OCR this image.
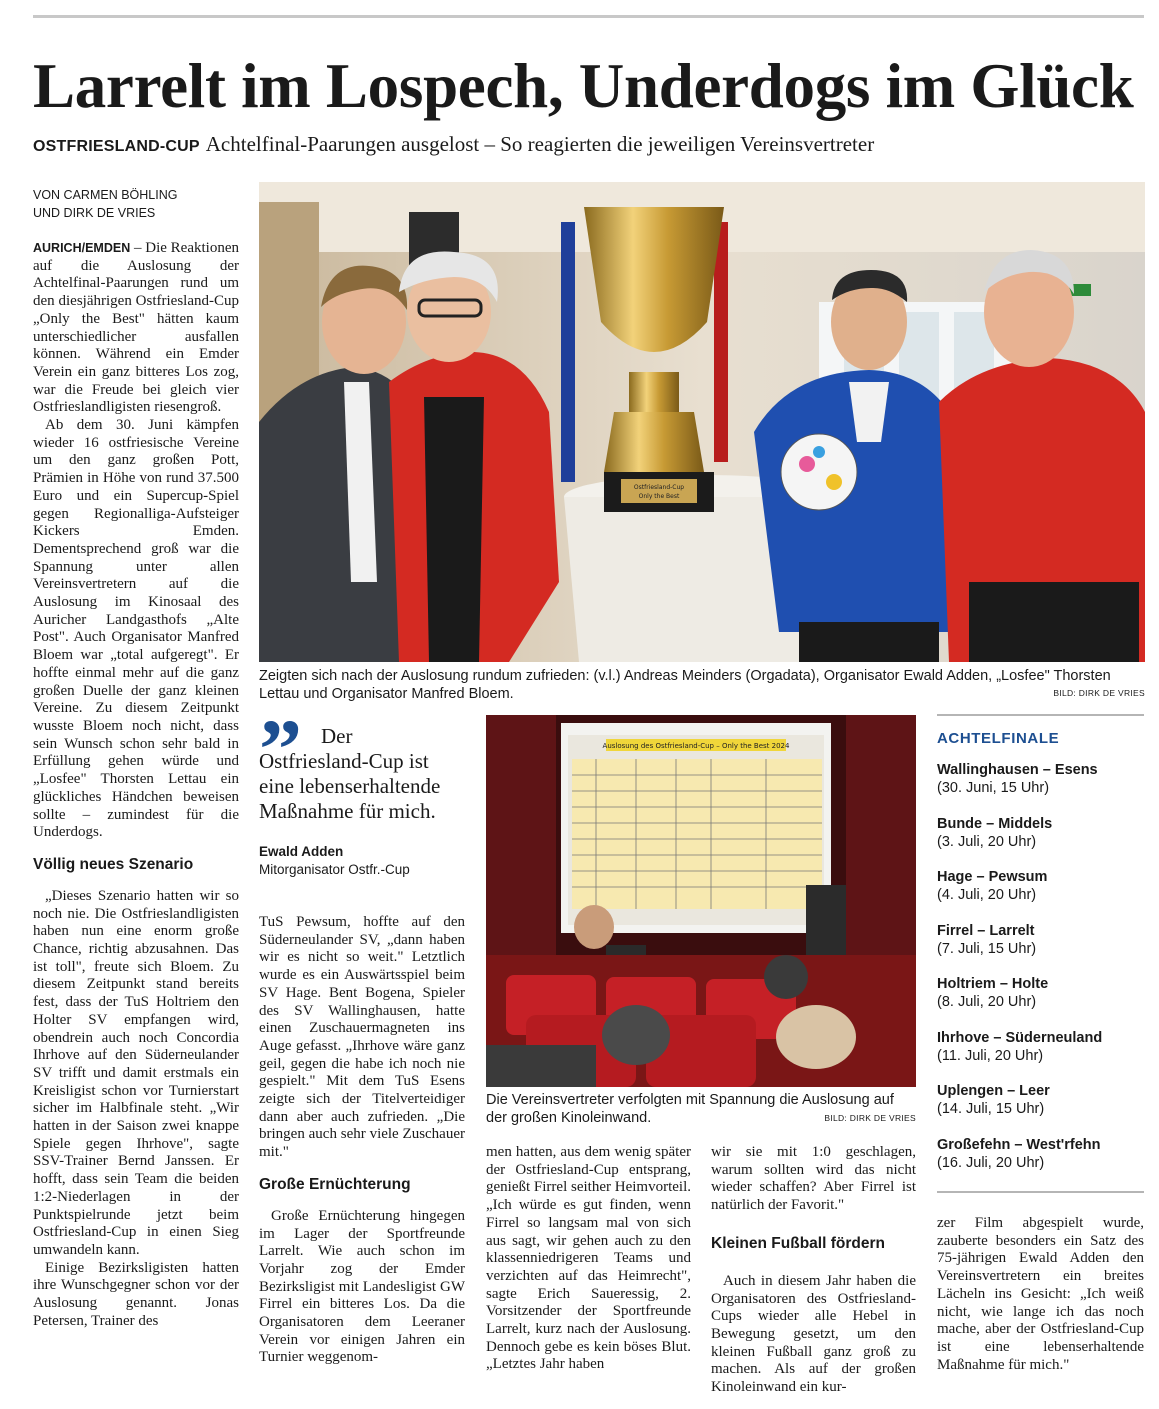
Larrelt im Lospech, Underdogs im Glück
OSTFRIESLAND-CUP Achtelfinal-Paarungen ausgelost – So reagierten die jeweiligen Vereinsvertreter
VON CARMEN BÖHLING
UND DIRK DE VRIES

AURICH/EMDEN – Die Reaktionen auf die Auslosung der Achtelfinal-Paarungen rund um den diesjährigen Ostfriesland-Cup „Only the Best" hätten kaum unterschiedlicher ausfallen können. Während ein Emder Verein ein ganz bitteres Los zog, war die Freude bei gleich vier Ostfrieslandligisten riesengroß.

Ab dem 30. Juni kämpfen wieder 16 ostfriesische Vereine um den ganz großen Pott, Prämien in Höhe von rund 37.500 Euro und ein Supercup-Spiel gegen Regionalliga-Aufsteiger Kickers Emden. Dementsprechend groß war die Spannung unter allen Vereinsvertretern auf die Auslosung im Kinosaal des Auricher Landgasthofs „Alte Post". Auch Organisator Manfred Bloem war „total aufgeregt". Er hoffte einmal mehr auf die ganz großen Duelle der ganz kleinen Vereine. Zu diesem Zeitpunkt wusste Bloem noch nicht, dass sein Wunsch schon sehr bald in Erfüllung gehen würde und „Losfee" Thorsten Lettau ein glückliches Händchen beweisen sollte – zumindest für die Underdogs.

Völlig neues Szenario

„Dieses Szenario hatten wir so noch nie. Die Ostfrieslandligisten haben nun eine enorm große Chance, richtig abzusahnen. Das ist toll", freute sich Bloem. Zu diesem Zeitpunkt stand bereits fest, dass der TuS Holtriem den Holter SV empfangen wird, obendrein auch noch Concordia Ihrhove auf den Süderneulander SV trifft und damit erstmals ein Kreisligist schon vor Turnierstart sicher im Halbfinale steht. „Wir hatten in der Saison zwei knappe Spiele gegen Ihrhove", sagte SSV-Trainer Bernd Janssen. Er hofft, dass sein Team die beiden 1:2-Niederlagen in der Punktspielrunde jetzt beim Ostfriesland-Cup in einen Sieg umwandeln kann.

Einige Bezirksligisten hatten ihre Wunschgegner schon vor der Auslosung genannt. Jonas Petersen, Trainer des

Ostfriesland-Cup
Only the Best
Zeigten sich nach der Auslosung rundum zufrieden: (v.l.) Andreas Meinders (Orgadata), Organisator Ewald Adden, „Losfee" Thorsten Lettau und Organisator Manfred Bloem.	BILD: DIRK DE VRIES
” Der Ostfriesland-Cup ist eine lebenserhaltende Maßnahme für mich.
Ewald Adden
Mitorganisator Ostfr.-Cup

TuS Pewsum, hoffte auf den Süderneulander SV, „dann haben wir es nicht so weit." Letztlich wurde es ein Auswärtsspiel beim SV Hage. Bent Bogena, Spieler des SV Wallinghausen, hatte einen Zuschauermagneten ins Auge gefasst. „Ihrhove wäre ganz geil, gegen die habe ich noch nie gespielt." Mit dem TuS Esens zeigte sich der Titelverteidiger dann aber auch zufrieden. „Die bringen auch sehr viele Zuschauer mit."

Große Ernüchterung

Große Ernüchterung hingegen im Lager der Sportfreunde Larrelt. Wie auch schon im Vorjahr zog der Emder Bezirksligist mit Landesligist GW Firrel ein bitteres Los. Da die Organisatoren dem Leeraner Verein vor einigen Jahren ein Turnier weggenom-

Auslosung des Ostfriesland-Cup – Only the Best 2024
Die Vereinsvertreter verfolgten mit Spannung die Auslosung auf der großen Kinoleinwand.	BILD: DIRK DE VRIES

men hatten, aus dem wenig später der Ostfriesland-Cup entsprang, genießt Firrel seither Heimvorteil. „Ich würde es gut finden, wenn Firrel so langsam mal von sich aus sagt, wir gehen auch zu den klassenniedrigeren Teams und verzichten auf das Heimrecht", sagte Erich Saueressig, 2. Vorsitzender der Sportfreunde Larrelt, kurz nach der Auslosung. Dennoch gebe es kein böses Blut. „Letztes Jahr haben

wir sie mit 1:0 geschlagen, warum sollten wird das nicht wieder schaffen? Aber Firrel ist natürlich der Favorit."

Kleinen Fußball fördern

Auch in diesem Jahr haben die Organisatoren des Ostfriesland-Cups wieder alle Hebel in Bewegung gesetzt, um den kleinen Fußball ganz groß zu machen. Als auf der großen Kinoleinwand ein kur-

ACHTELFINALE
Wallinghausen – Esens
(30. Juni, 15 Uhr)
Bunde – Middels
(3. Juli, 20 Uhr)
Hage – Pewsum
(4. Juli, 20 Uhr)
Firrel – Larrelt
(7. Juli, 15 Uhr)
Holtriem – Holte
(8. Juli, 20 Uhr)
Ihrhove – Süderneuland
(11. Juli, 20 Uhr)
Uplengen – Leer
(14. Juli, 15 Uhr)
Großefehn – West'rfehn
(16. Juli, 20 Uhr)

zer Film abgespielt wurde, zauberte besonders ein Satz des 75-jährigen Ewald Adden den Vereinsvertretern ein breites Lächeln ins Gesicht: „Ich weiß nicht, wie lange ich das noch mache, aber der Ostfriesland-Cup ist eine lebenserhaltende Maßnahme für mich."
